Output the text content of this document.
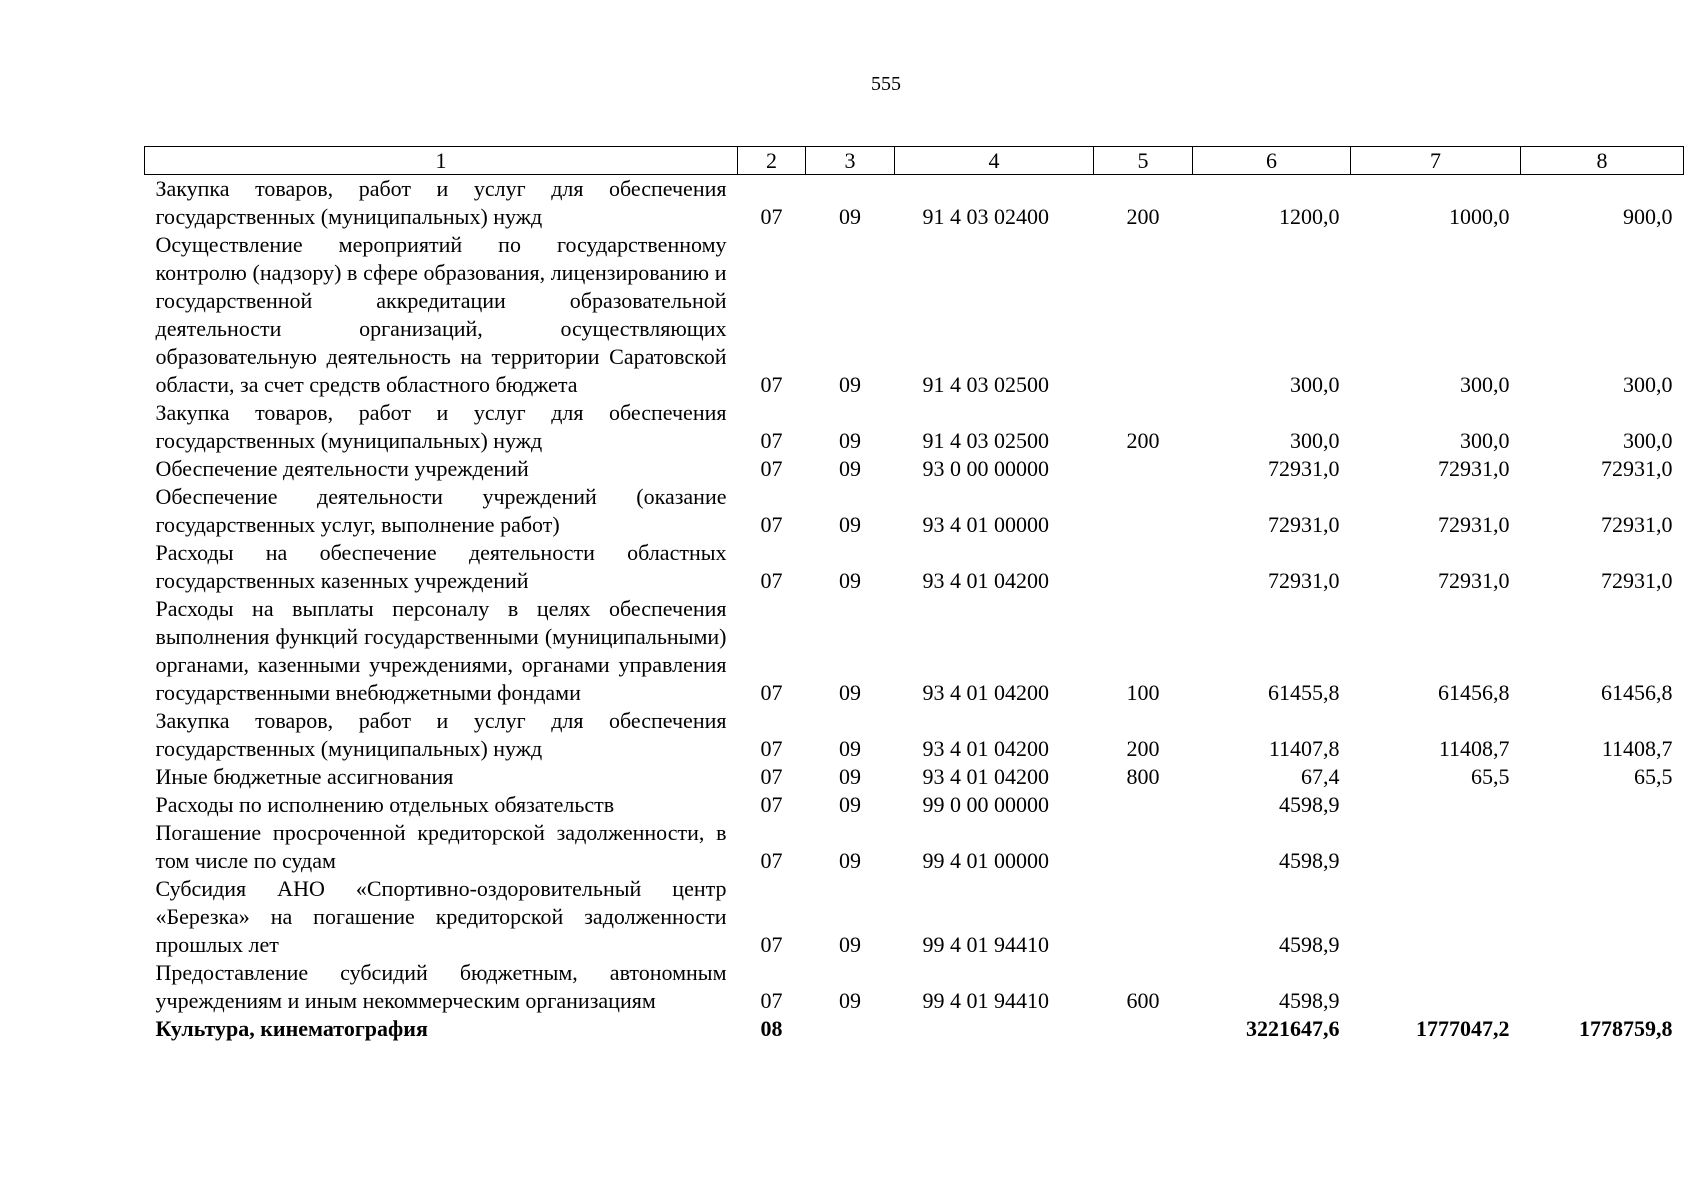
555
1	2	3	4	5	6	7	8
Закупка товаров, работ и услуг для обеспечения государственных (муниципальных) нужд	07	09	91 4 03 02400	200	1200,0	1000,0	900,0
Осуществление мероприятий по государственному контролю (надзору) в сфере образования, лицензированию и государственной аккредитации образовательной деятельности организаций, осуществляющих образовательную деятельность на территории Саратовской области, за счет средств областного бюджета	07	09	91 4 03 02500		300,0	300,0	300,0
Закупка товаров, работ и услуг для обеспечения государственных (муниципальных) нужд	07	09	91 4 03 02500	200	300,0	300,0	300,0
Обеспечение деятельности учреждений	07	09	93 0 00 00000		72931,0	72931,0	72931,0
Обеспечение деятельности учреждений (оказание государственных услуг, выполнение работ)	07	09	93 4 01 00000		72931,0	72931,0	72931,0
Расходы на обеспечение деятельности областных государственных казенных учреждений	07	09	93 4 01 04200		72931,0	72931,0	72931,0
Расходы на выплаты персоналу в целях обеспечения выполнения функций государственными (муниципальными) органами, казенными учреждениями, органами управления государственными внебюджетными фондами	07	09	93 4 01 04200	100	61455,8	61456,8	61456,8
Закупка товаров, работ и услуг для обеспечения государственных (муниципальных) нужд	07	09	93 4 01 04200	200	11407,8	11408,7	11408,7
Иные бюджетные ассигнования	07	09	93 4 01 04200	800	67,4	65,5	65,5
Расходы по исполнению отдельных обязательств	07	09	99 0 00 00000		4598,9		
Погашение просроченной кредиторской задолженности, в том числе по судам	07	09	99 4 01 00000		4598,9		
Субсидия АНО «Спортивно-оздоровительный центр «Березка» на погашение кредиторской задолженности прошлых лет	07	09	99 4 01 94410		4598,9		
Предоставление субсидий бюджетным, автономным учреждениям и иным некоммерческим организациям	07	09	99 4 01 94410	600	4598,9		
Культура, кинематография	08				3221647,6	1777047,2	1778759,8
